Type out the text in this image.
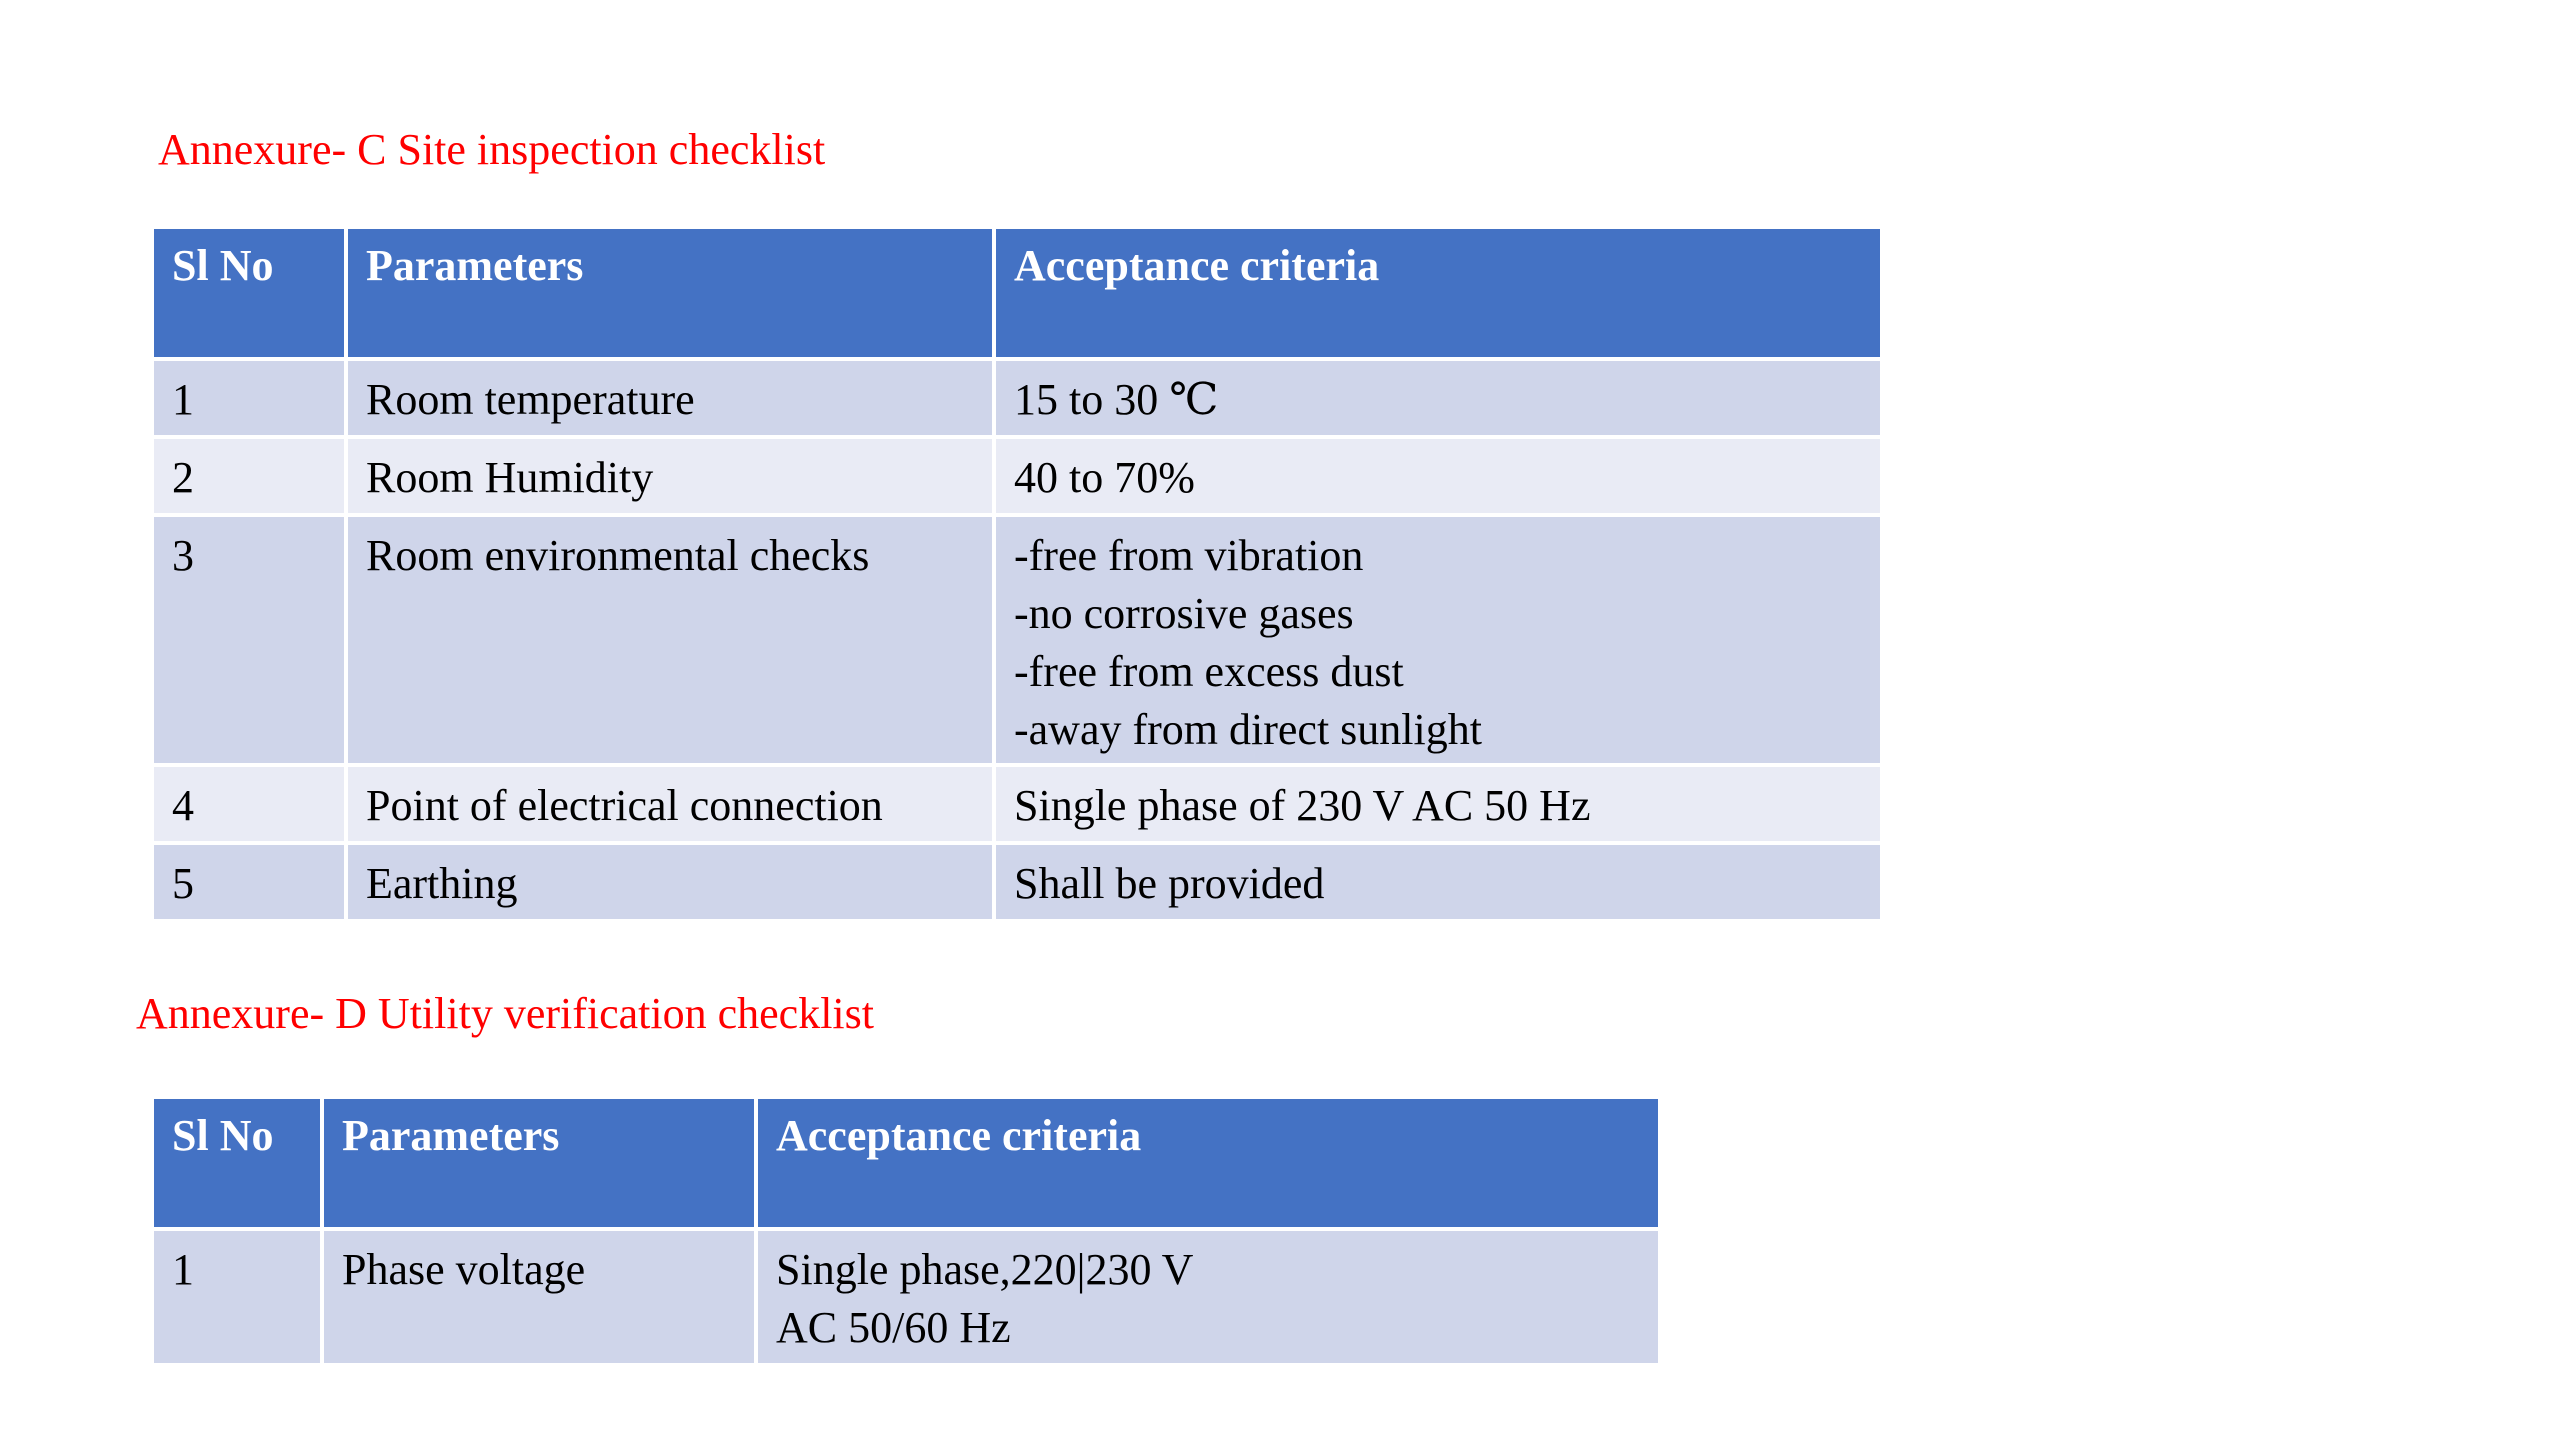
Annexure- C Site inspection checklist
Sl No	Parameters	Acceptance criteria
1	Room temperature	15 to 30 ℃

2	Room Humidity	40 to 70%

3	Room environmental checks	-free from vibration
-no corrosive gases
-free from excess dust
-away from direct sunlight

4	Point of electrical connection	Single phase of 230 V AC 50 Hz

5	Earthing	Shall be provided
Annexure- D Utility verification checklist
Sl No	Parameters	Acceptance criteria
1	Phase voltage	Single phase,220|230 V
AC 50/60 Hz
